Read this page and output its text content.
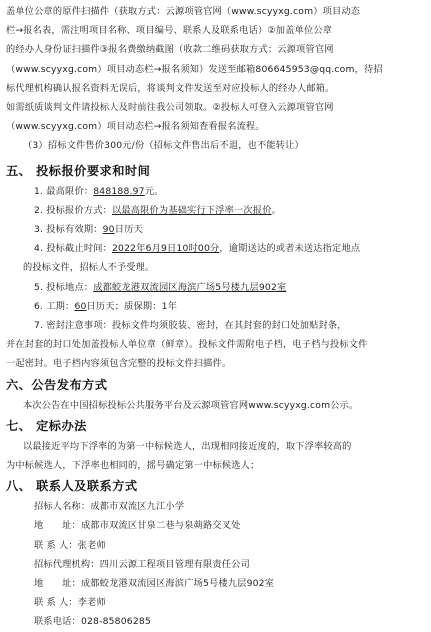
盖单位公章的原件扫描件（获取方式：云源项管官网（www.scyyxg.com）项目动态

栏→报名表，需注明项目名称、项目编号、联系人及联系电话）②加盖单位公章

的经办人身份证扫描件③报名费缴纳截图（收款二维码获取方式：云源项管官网

（www.scyyxg.com）项目动态栏→报名须知）发送至邮箱806645953@qq.com，待招

标代理机构确认报名资料无误后，将谈判文件发送至对应投标人的经办人邮箱。

如需纸质谈判文件请投标人及时前往我公司领取。②投标人可登入云源项管官网

（www.scyyxg.com）项目动态栏→报名须知查看报名流程。

（3）招标文件售价300元/份（招标文件售出后不退，也不能转让）

五、 投标报价要求和时间

1. 最高限价：848188.97元。

2. 投标报价方式：以最高限价为基础实行下浮率一次报价。

3. 投标有效期：90日历天

4. 投标截止时间：2022年6月9日10时00分，逾期送达的或者未送达指定地点

的投标文件，招标人不予受理。

5. 投标地点：成都蛟龙港双流园区海滨广场5号楼九层902室

6. 工期：60日历天；质保期：1年

7. 密封注意事项：投标文件均须胶装、密封，在其封套的封口处加贴封条，

并在封套的封口处加盖投标人单位章（鲜章）。投标文件需附电子档，电子档与投标文件

一起密封。电子档内容须包含完整的投标文件扫描件。

六、公告发布方式

本次公告在中国招标投标公共服务平台及云源项管官网www.scyyxg.com公示。

七、 定标办法

以最接近平均下浮率的为第一中标候选人，出现相同接近度的，取下浮率较高的

为中标候选人，下浮率也相同的，摇号确定第一中标候选人；

八、 联系人及联系方式

招标人名称：成都市双流区九江小学

地　　址：成都市双流区甘泉二巷与泉蒴路交叉处

联 系 人：张老师

招标代理机构：四川云源工程项目管理有限责任公司

地　　址：成都蛟龙港双流园区海滨广场5号楼九层902室

联 系 人：李老师

联系电话：028-85806285
